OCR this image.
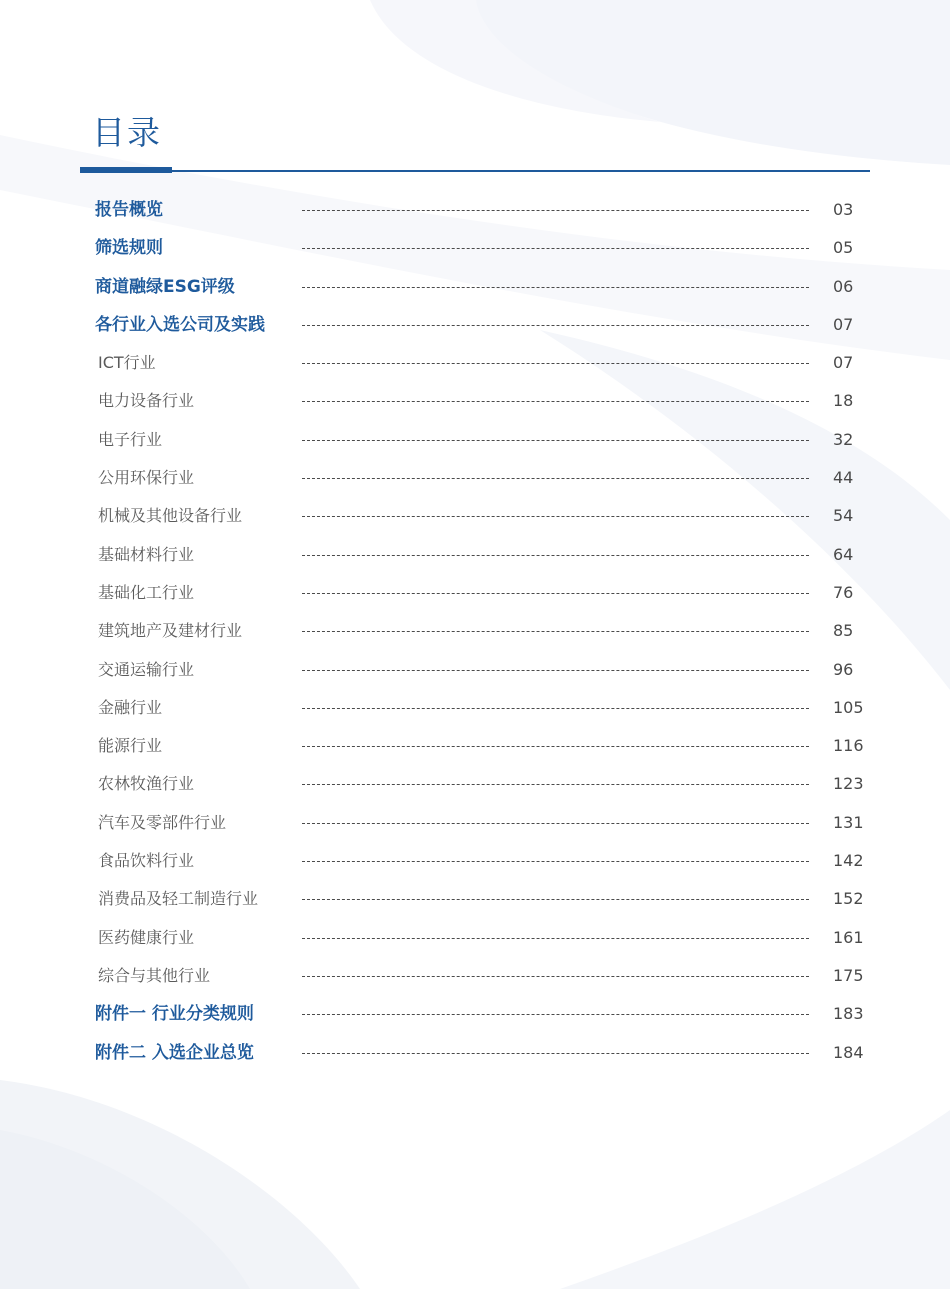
目录
报告概览	03
筛选规则	05
商道融绿ESG评级	06
各行业入选公司及实践	07
ICT行业	07
电力设备行业	18
电子行业	32
公用环保行业	44
机械及其他设备行业	54
基础材料行业	64
基础化工行业	76
建筑地产及建材行业	85
交通运输行业	96
金融行业	105
能源行业	116
农林牧渔行业	123
汽车及零部件行业	131
食品饮料行业	142
消费品及轻工制造行业	152
医药健康行业	161
综合与其他行业	175
附件一 行业分类规则	183
附件二 入选企业总览	184
